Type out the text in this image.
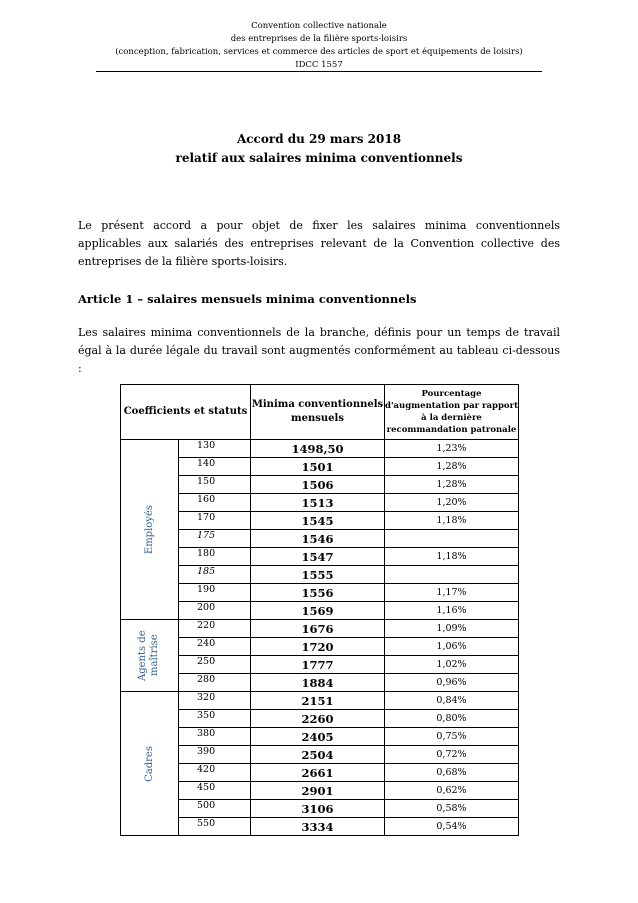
Convention collective nationale
des entreprises de la filière sports-loisirs
(conception, fabrication, services et commerce des articles de sport et équipements de loisirs)
IDCC 1557
Accord du 29 mars 2018
relatif aux salaires minima conventionnels
Le présent accord a pour objet de fixer les salaires minima conventionnels applicables aux salariés des entreprises relevant de la Convention collective des entreprises de la filière sports-loisirs.
Article 1 – salaires mensuels minima conventionnels
Les salaires minima conventionnels de la branche, définis pour un temps de travail égal à la durée légale du travail sont augmentés conformément au tableau ci-dessous :
Coefficients et statuts		Minima conventionnels mensuels	Pourcentage d'augmentation par rapport à la dernière recommandation patronale

Employés	130	1498,50	1,23%
	140	1501	1,28%
	150	1506	1,28%
	160	1513	1,20%
	170	1545	1,18%
	175	1546	
	180	1547	1,18%
	185	1555	
	190	1556	1,17%
	200	1569	1,16%

Agents de maîtrise	220	1676	1,09%
	240	1720	1,06%
	250	1777	1,02%
	280	1884	0,96%

Cadres	320	2151	0,84%
	350	2260	0,80%
	380	2405	0,75%
	390	2504	0,72%
	420	2661	0,68%
	450	2901	0,62%
	500	3106	0,58%
	550	3334	0,54%
